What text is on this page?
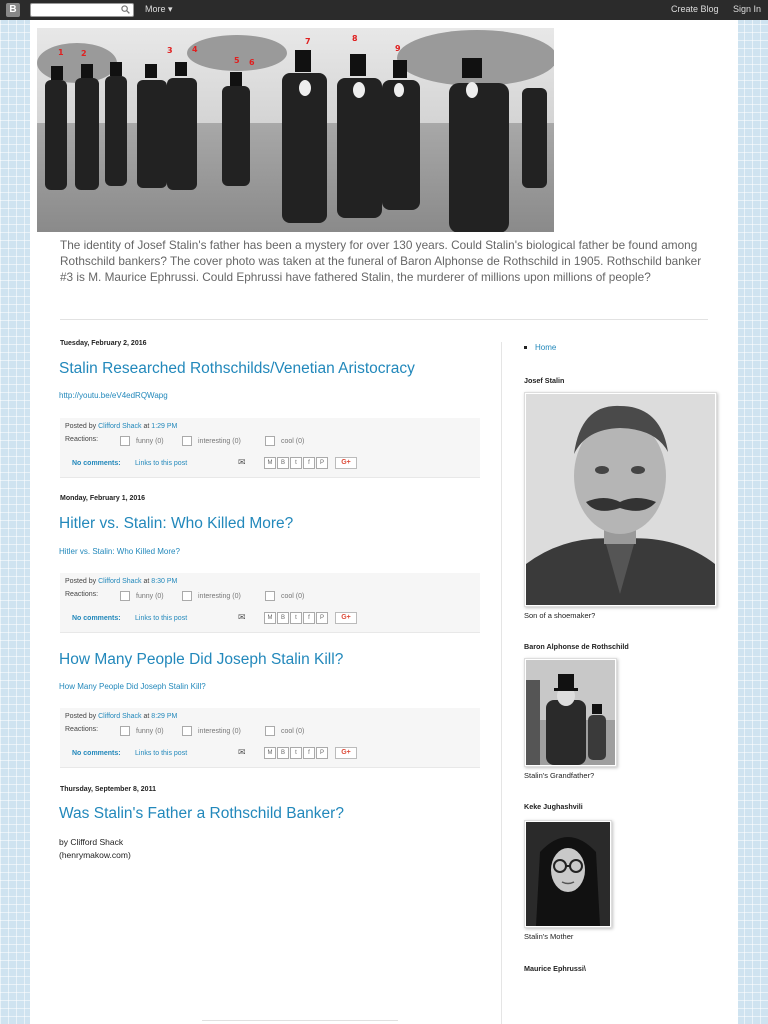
B	More ▾	Create Blog Sign In
1 2	3 4
5 6
7	8
9
The identity of Josef Stalin's father has been a mystery for over 130 years. Could Stalin's biological father be found among Rothschild bankers? The cover photo was taken at the funeral of Baron Alphonse de Rothschild in 1905. Rothschild banker #3 is M. Maurice Ephrussi. Could Ephrussi have fathered Stalin, the murderer of millions upon millions of people?
Tuesday, February 2, 2016
Stalin Researched Rothschilds/Venetian Aristocracy
http://youtu.be/eV4edRQWapg
Posted by Clifford Shack at 1:29 PM
Reactions:	funny (0)	interesting (0)	cool (0)
No comments: Links to this post	✉	M	B	t	f	P	G+
Monday, February 1, 2016
Hitler vs. Stalin: Who Killed More?
Hitler vs. Stalin: Who Killed More?
Posted by Clifford Shack at 8:30 PM
Reactions:	funny (0)	interesting (0)	cool (0)
No comments: Links to this post	✉	M	B	t	f	P	G+
How Many People Did Joseph Stalin Kill?
How Many People Did Joseph Stalin Kill?
Posted by Clifford Shack at 8:29 PM
Reactions:	funny (0)	interesting (0)	cool (0)
No comments: Links to this post	✉	M	B	t	f	P	G+
Thursday, September 8, 2011
Was Stalin's Father a Rothschild Banker?
by Clifford Shack
(henrymakow.com)
Home
Josef Stalin
Son of a shoemaker?
Baron Alphonse de Rothschild
Stalin's Grandfather?
Keke Jughashvili
Stalin's Mother
Maurice Ephrussi\
